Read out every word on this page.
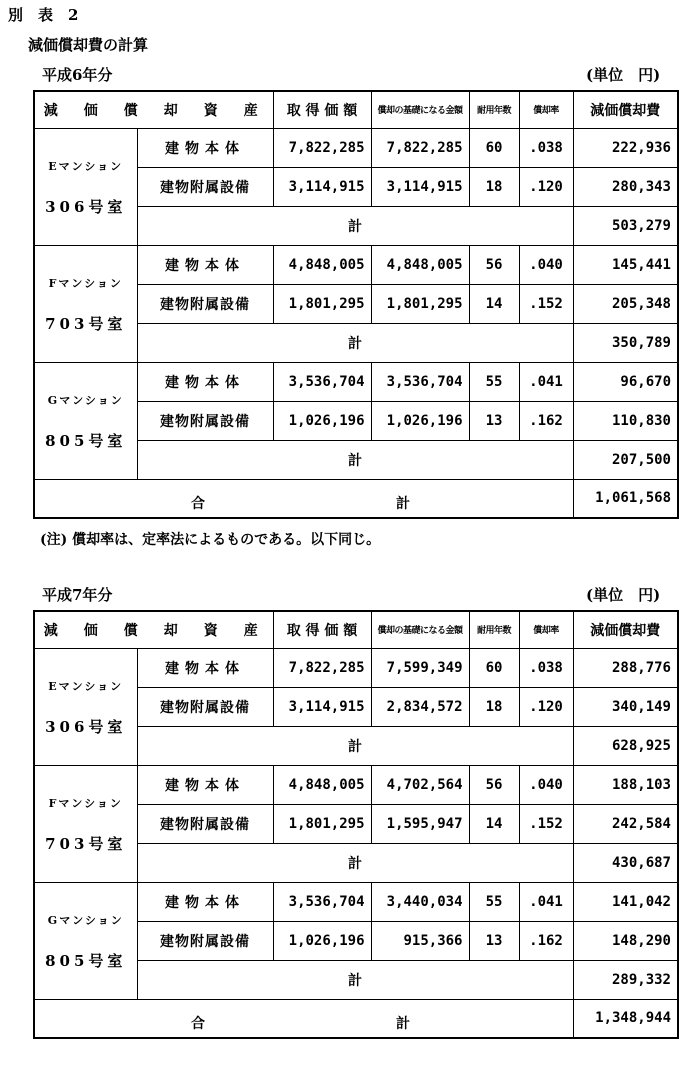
別　表　2
減価償却費の計算
平成6年分	(単位　円)
減　価　償　却　資　産		取 得 価 額	償却の基礎になる金額	耐用年数	償却率	減価償却費

Eマンション
306号室	建物本体	7,822,285	7,822,285	60	.038	222,936
	建物附属設備	3,114,915	3,114,915	18	.120	280,343
	計					503,279

Fマンション
703号室	建物本体	4,848,005	4,848,005	56	.040	145,441
	建物附属設備	1,801,295	1,801,295	14	.152	205,348
	計					350,789

Gマンション
805号室	建物本体	3,536,704	3,536,704	55	.041	96,670
	建物附属設備	1,026,196	1,026,196	13	.162	110,830
	計					207,500

合 計						1,061,568
(注) 償却率は、定率法によるものである。以下同じ。
平成7年分	(単位　円)
減　価　償　却　資　産		取 得 価 額	償却の基礎になる金額	耐用年数	償却率	減価償却費

Eマンション
306号室	建物本体	7,822,285	7,599,349	60	.038	288,776
	建物附属設備	3,114,915	2,834,572	18	.120	340,149
	計					628,925

Fマンション
703号室	建物本体	4,848,005	4,702,564	56	.040	188,103
	建物附属設備	1,801,295	1,595,947	14	.152	242,584
	計					430,687

Gマンション
805号室	建物本体	3,536,704	3,440,034	55	.041	141,042
	建物附属設備	1,026,196	915,366	13	.162	148,290
	計					289,332

合 計						1,348,944
